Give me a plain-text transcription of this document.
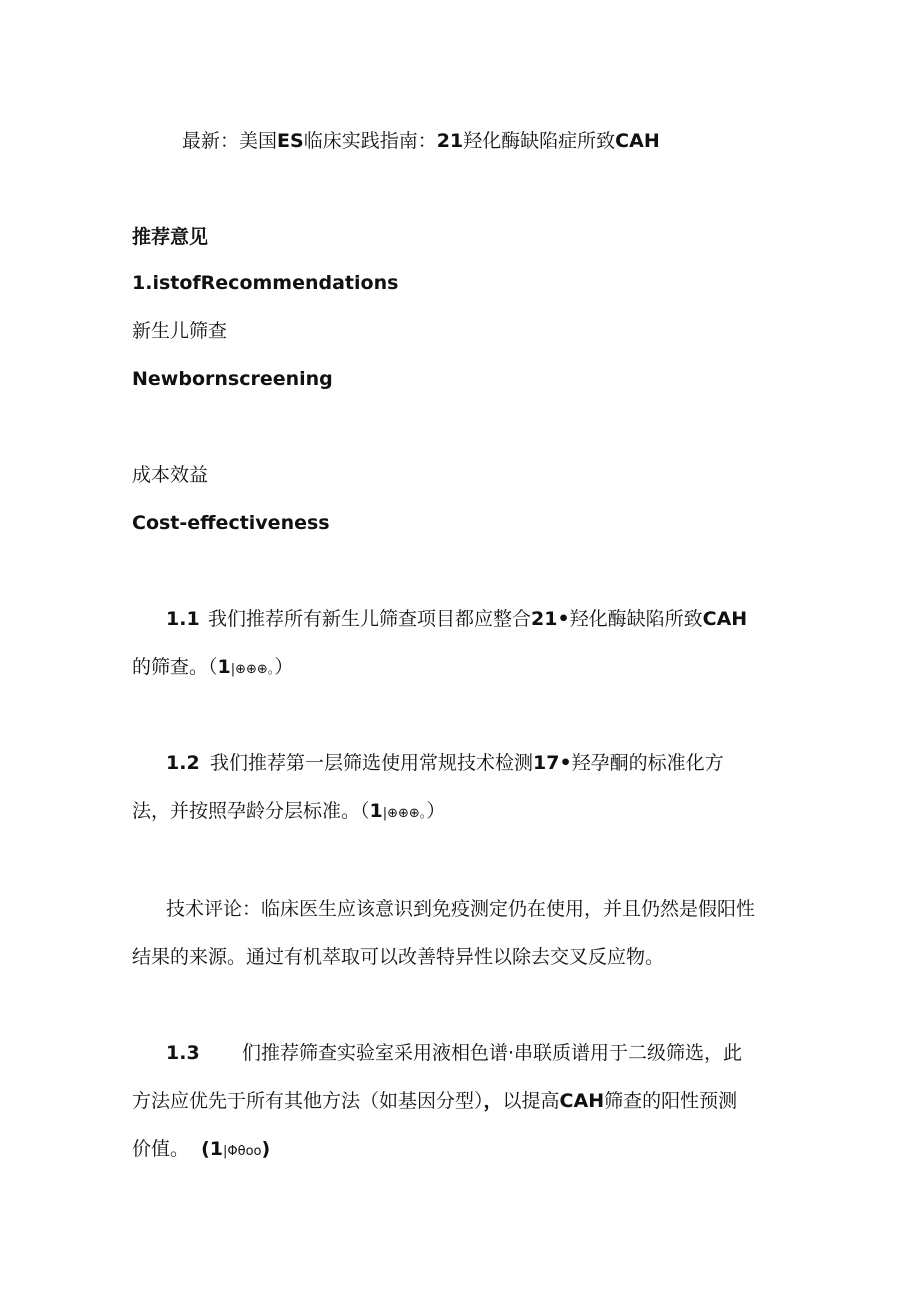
最新：美国ES临床实践指南：21羟化酶缺陷症所致CAH
推荐意见
1.istofRecommendations
新生儿筛查
Newbornscreening
成本效益
Cost-effectiveness
1.1 我们推荐所有新生儿筛查项目都应整合21•羟化酶缺陷所致CAH
的筛查。（1|⊕⊕⊕。）
1.2 我们推荐第一层筛选使用常规技术检测17•羟孕酮的标准化方
法，并按照孕龄分层标准。（1|⊕⊕⊕。）
技术评论：临床医生应该意识到免疫测定仍在使用，并且仍然是假阳性
结果的来源。通过有机萃取可以改善特异性以除去交叉反应物。
1.3 们推荐筛查实验室采用液相色谱·串联质谱用于二级筛选，此
方法应优先于所有其他方法（如基因分型），以提高CAH筛查的阳性预测
价值。 (1|Φθoo)
